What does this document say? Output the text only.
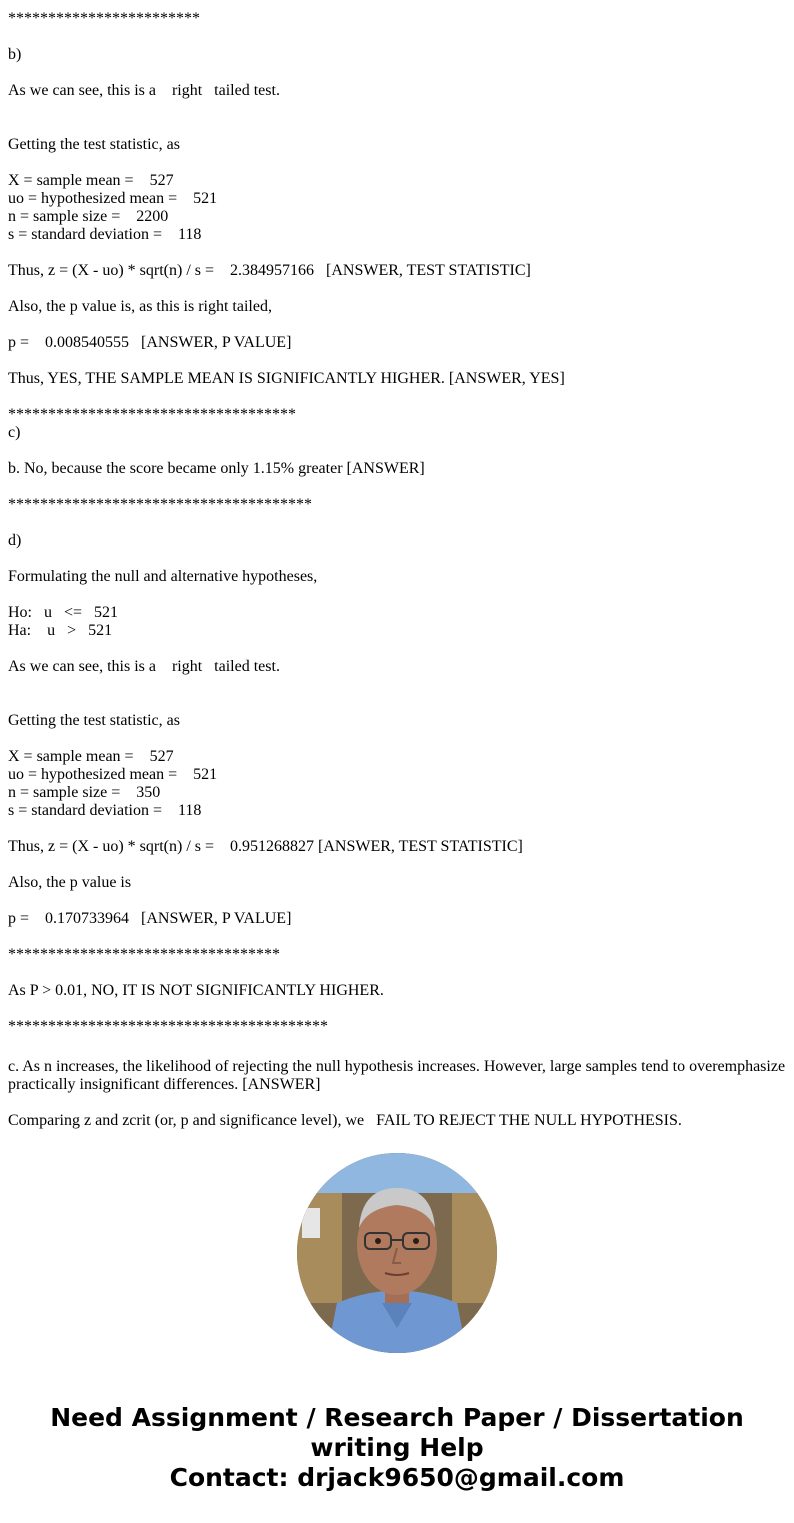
************************
b)
As we can see, this is a    right   tailed test.
Getting the test statistic, as
X = sample mean =    527
uo = hypothesized mean =    521
n = sample size =    2200
s = standard deviation =    118
Thus, z = (X - uo) * sqrt(n) / s =    2.384957166   [ANSWER, TEST STATISTIC]
Also, the p value is, as this is right tailed,
p =    0.008540555   [ANSWER, P VALUE]
Thus, YES, THE SAMPLE MEAN IS SIGNIFICANTLY HIGHER. [ANSWER, YES]
************************************
c)
b. No, because the score became only 1.15% greater [ANSWER]
**************************************
d)
Formulating the null and alternative hypotheses,
Ho:   u   <=   521
Ha:    u   >   521
As we can see, this is a    right   tailed test.
Getting the test statistic, as
X = sample mean =    527
uo = hypothesized mean =    521
n = sample size =    350
s = standard deviation =    118
Thus, z = (X - uo) * sqrt(n) / s =    0.951268827 [ANSWER, TEST STATISTIC]
Also, the p value is
p =    0.170733964   [ANSWER, P VALUE]
**********************************
As P > 0.01, NO, IT IS NOT SIGNIFICANTLY HIGHER.
****************************************
c. As n increases, the likelihood of rejecting the null hypothesis increases. However, large samples tend to overemphasize practically insignificant differences. [ANSWER]
Comparing z and zcrit (or, p and significance level), we   FAIL TO REJECT THE NULL HYPOTHESIS.
Need Assignment / Research Paper / Dissertation
writing Help
Contact: drjack9650@gmail.com
